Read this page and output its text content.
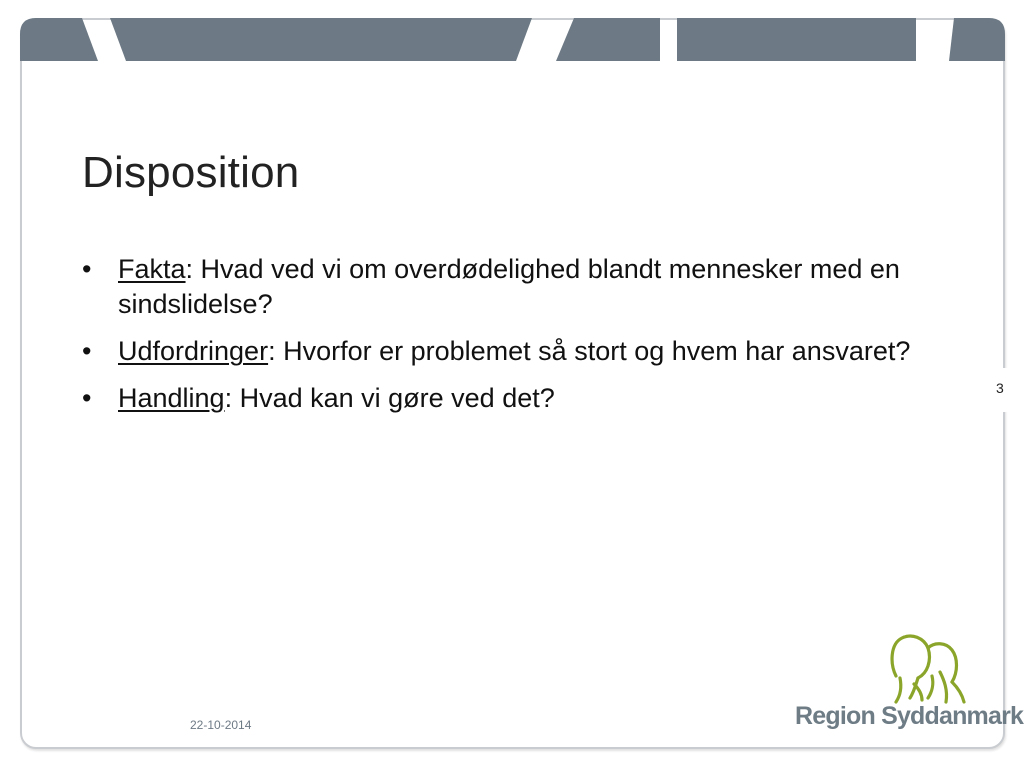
Disposition
• Fakta: Hvad ved vi om overdødelighed blandt mennesker med en sindslidelse?
• Udfordringer: Hvorfor er problemet så stort og hvem har ansvaret?
• Handling: Hvad kan vi gøre ved det?	3
22-10-2014	Region Syddanmark
